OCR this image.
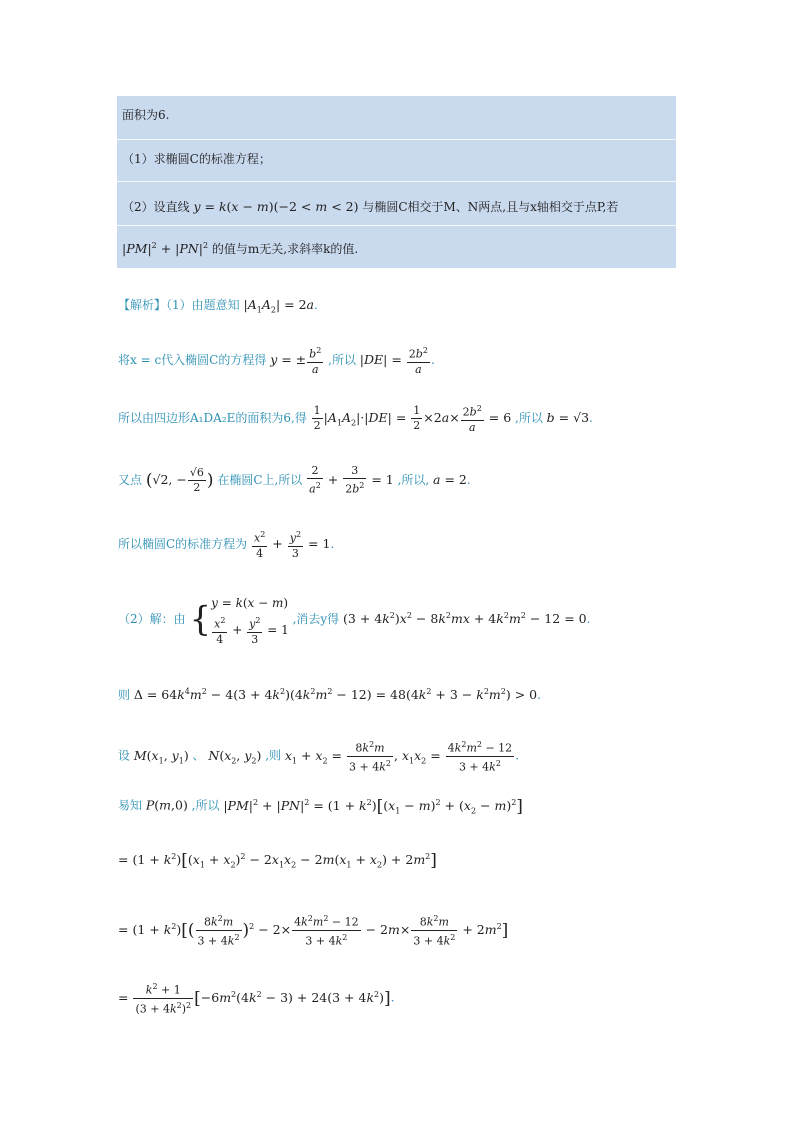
面积为6.
（1）求椭圆C的标准方程；
（2）设直线 y = k(x − m)(−2 < m < 2) 与椭圆C相交于M、N两点,且与x轴相交于点P,若
$|PM|^2 + |PN|^2$ 的值与m无关,求斜率k的值.
【解析】（1）由题意知 $|A_1A_2| = 2a$.
将x = c代入椭圆C的方程得 y = ± $\frac{b^2}{a}$ ,所以 $|DE| = \frac{2b^2}{a}$ .
所以由四边形A₁DA₂E的面积为6,得 $\frac{1}{2} |A_1A_2|\cdot|DE| = \frac{1}{2} \times 2a\times \frac{2b^2}{a} = 6$ ,所以 b = √3.
又点 (√2, − $\frac{√6}{2}$ ) 在椭圆C上,所以 $\frac{2}{a^2} + \frac{3}{2b^2} = 1$ ,所以, a = 2.
所以椭圆C的标准方程为 $\frac{x^2}{4} + \frac{y^2}{3} = 1$.
（2）解：由 {y = k(x − m)

$\frac{x^2}{4} + \frac{y^2}{3} = 1$ ,消去y得 $(3 + 4k^2)x^2 - 8k^2mx + 4k^2m^2 - 12 = 0$.
则 $\Delta = 64k^4m^2 - 4(3 + 4k^2)(4k^2m^2 - 12) = 48(4k^2 + 3 - k^2m^2) > 0$.
设 $M(x_1$, $y_1$) 、 $N(x_2$, $y_2$) ,则 $x_1 + x_2 = \frac{8k^2m}{3 + 4k^2}$ , $x_1x_2 = \frac{4k^2m^2 - 12}{3 + 4k^2}$ .
易知 P(m,0) ,所以 $|PM|^2 + |PN|^2 = (1 + k^2)[(x_1 - m)^2 + (x_2 - m)^2]$
= $(1 + k^2)[(x_1 + x_2)^2 - 2x_1x_2 - 2m(x_1 + x_2) + 2m^2]$
= $(1 + k^2)[( \frac{8k^2m}{3 + 4k^2} )^2 - 2\times \frac{4k^2m^2 - 12}{3 + 4k^2} - 2m\times \frac{8k^2m}{3 + 4k^2} + 2m^2]$
= $\frac{k^2 + 1}{(3 + 4k^2)^2} [-6m^2(4k^2 - 3) + 24(3 + 4k^2)]$.
